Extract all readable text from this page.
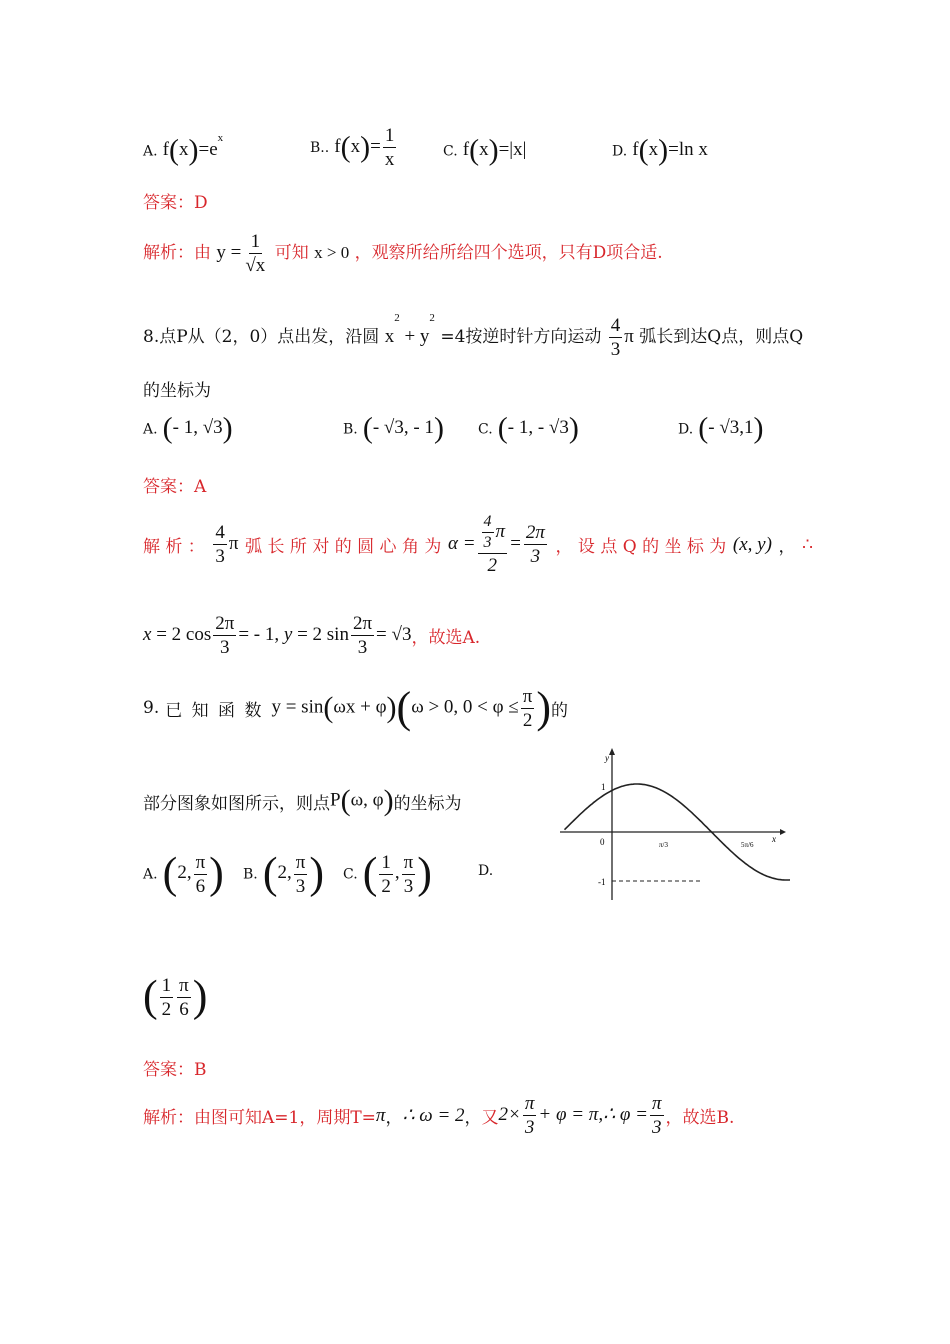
A. $f(x)=e^x$
B.. $f(x)= \frac{1}{x}$	C. f(x)=|x|	D. f(x)=ln x
答案：D
解析：由 $y = \frac{1}{√x}$ 可知 x > 0 ，观察所给所给四个选项，只有D项合适.
8.点P从（2，0）点出发，沿圆 $x^2 + y^2 =4$按逆时针方向运动 $\frac{4}{3}$ π 弧长到达Q点，则点Q
的坐标为
A. (- 1, √3)	B. (- √3, - 1) C. (- 1, - √3)	D. (- √3,1)
答案：A
解 析 ： $\frac{4}{3}$ π 弧 长 所 对 的 圆 心 角 为 $\alpha = \frac{\frac{4}{3} \pi}{2} = \frac{2\pi}{3}$ ， 设 点 Q 的 坐 标 为 (x, y) ， ∴
x = 2 $\cos \frac{2\pi}{3}$ = - 1, y = 2 $\sin \frac{2\pi}{3} = √3$ ，故选A.
9. 已 知 函 数 y = sin(ωx + φ)(ω > 0, $0 < \varphi \le \frac{\pi}{2}$ ) 的
部分图象如图所示，则点 P(ω, φ) 的坐标为
y
x
0
1
-1
π/3	5π/6
A. (2, $\frac{\pi}{6}$ ) B. (2, $\frac{\pi}{3}$ ) C. ( $\frac{1}{2}$ , $\frac{\pi}{3}$ )	D.
( $\frac{1}{2} \frac{\pi}{6}$ )
答案：B
解析： 由图可知A=1，周期T= π ， ∴ ω = 2 ， 又 $2\times \frac{\pi}{3} + \varphi$ = π,∴ $\varphi = \frac{\pi}{3}$ ，故选B.
